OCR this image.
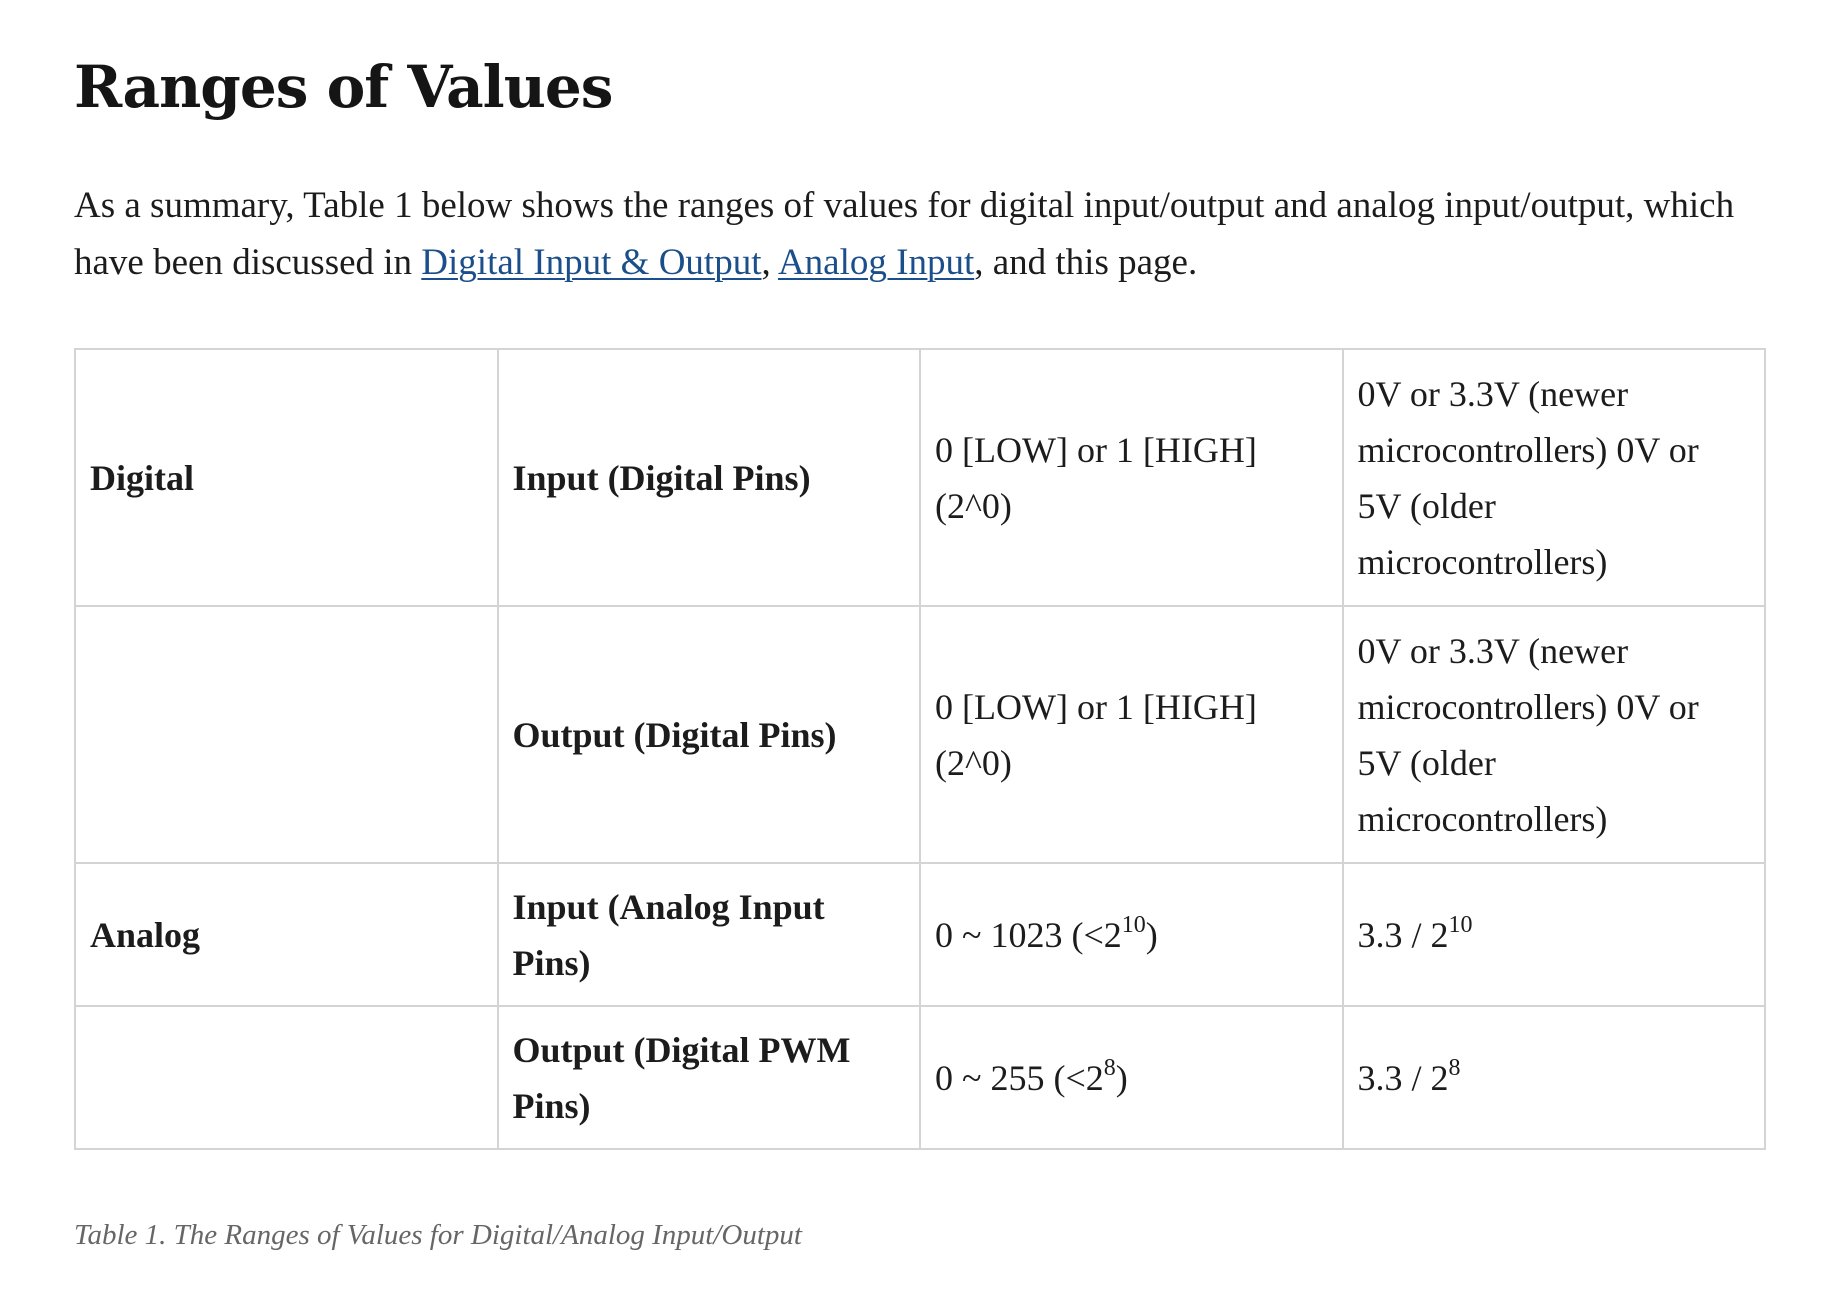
Ranges of Values

As a summary, Table 1 below shows the ranges of values for digital input/output and analog input/output, which have been discussed in Digital Input & Output, Analog Input, and this page.

Digital	Input (Digital Pins)	0 [LOW] or 1 [HIGH] (2^0)	0V or 3.3V (newer microcontrollers) 0V or 5V (older microcontrollers)
	Output (Digital Pins)	0 [LOW] or 1 [HIGH] (2^0)	0V or 3.3V (newer microcontrollers) 0V or 5V (older microcontrollers)
Analog	Input (Analog Input Pins)	0 ~ 1023 $(<2^{10})$	$3.3 / 2^{10}$
	Output (Digital PWM Pins)	0 ~ 255 $(<2^8)$	$3.3 / 2^8$

Table 1. The Ranges of Values for Digital/Analog Input/Output
